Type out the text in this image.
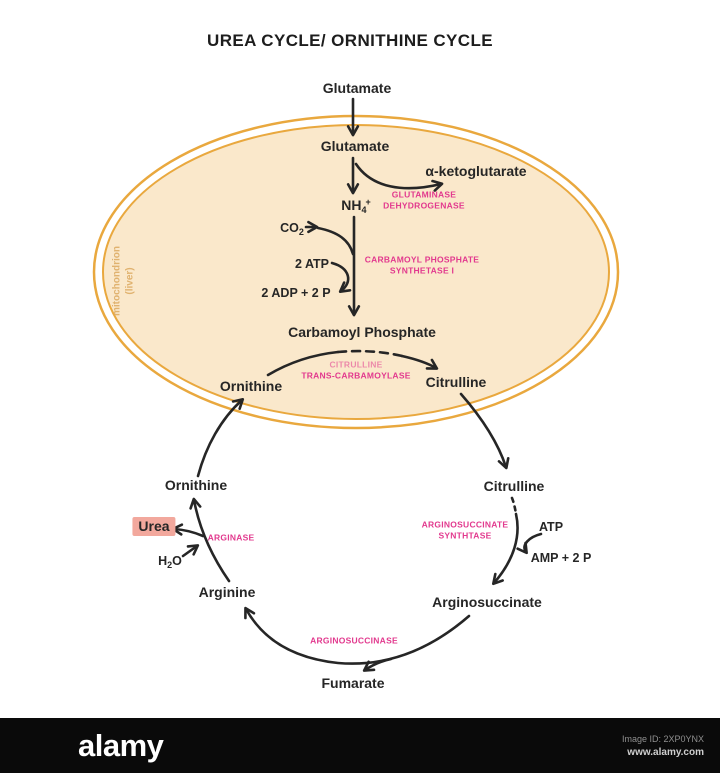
UREA CYCLE/ ORNITHINE CYCLE
mitochondrion (liver)
Glutamate
Glutamate
α-ketoglutarate
$NH_4^+$
$CO_2$
2 ATP
2 ADP + 2 P
Carbamoyl Phosphate
Ornithine	Citrulline
Ornithine	Citrulline
ATP
AMP + 2 P
Arginosuccinate
Fumarate
Arginine
Urea
$H_2O$
GLUTAMINASE
DEHYDROGENASE
CARBAMOYL PHOSPHATE
SYNTHETASE I
CITRULLINE
TRANS-CARBAMOYLASE
ARGINOSUCCINATE
SYNTHTASE
ARGINOSUCCINASE
ARGINASE
alamy	Image ID: 2XP0YNX
www.alamy.com
